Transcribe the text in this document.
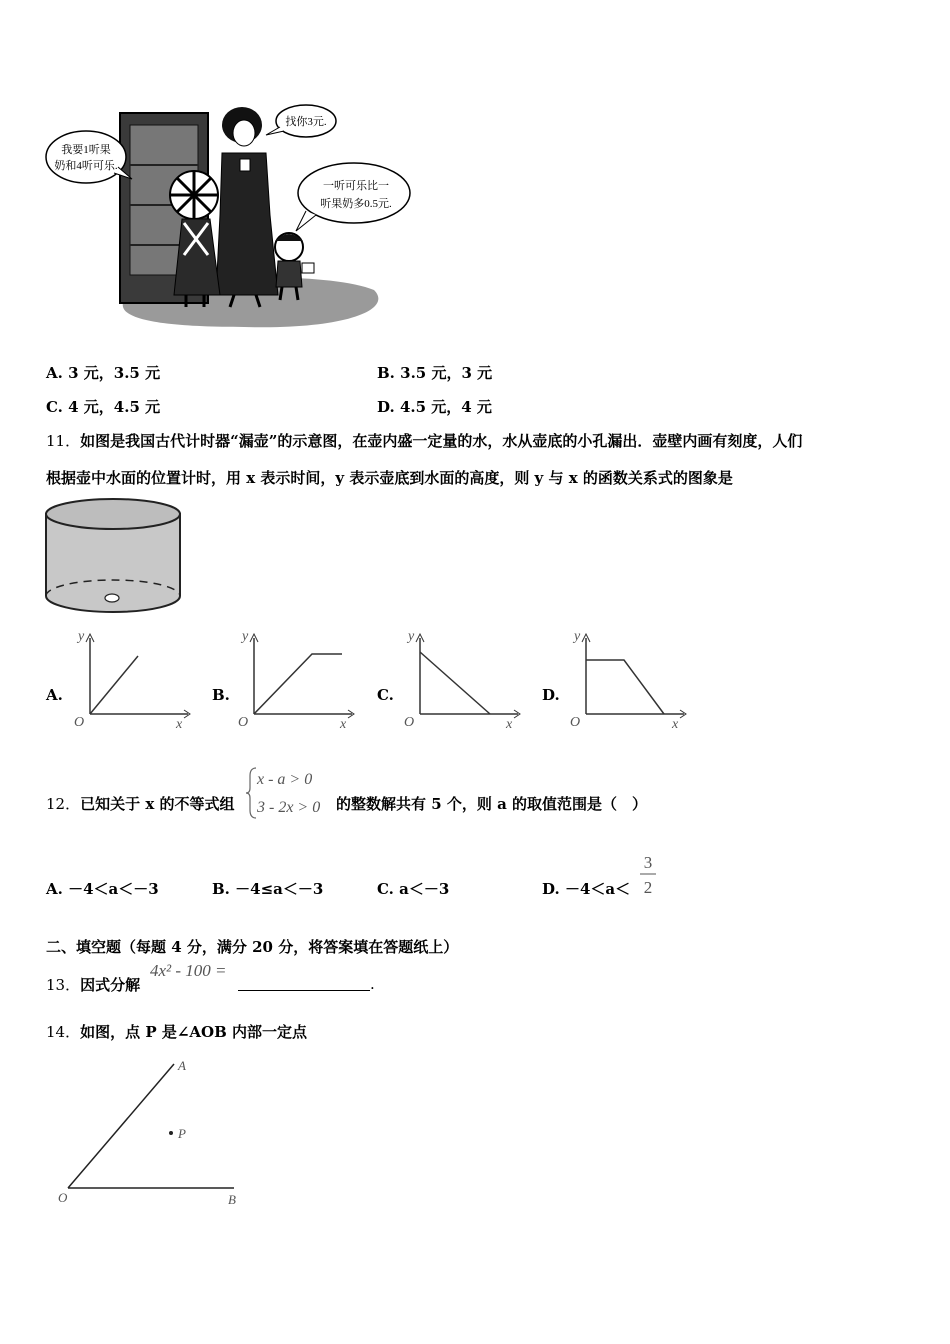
我要1听果
奶和4听可乐.
找你3元.
一听可乐比一
听果奶多0.5元.
A. 3 元，3.5 元	B. 3.5 元，3 元
C. 4 元，4.5 元	D. 4.5 元，4 元
11．如图是我国古代计时器“漏壶”的示意图，在壶内盛一定量的水，水从壶底的小孔漏出．壶壁内画有刻度，人们
根据壶中水面的位置计时，用 x 表示时间，y 表示壶底到水面的高度，则 y 与 x 的函数关系式的图象是
A.
y
x
O
B.
y
x
O
C.
y
x
O
D.
y
x
O
12．已知关于 x 的不等式组
x - a > 0
3 - 2x > 0 的整数解共有 5 个，则 a 的取值范围是（　）
A. －4＜a＜－3	B. －4≤a＜－3	C. a＜－3	D. －4＜a＜
3
2
二、填空题（每题 4 分，满分 20 分，将答案填在答题纸上）
13．因式分解
4x² - 100 =
.
14．如图，点 P 是∠AOB 内部一定点
A
B
O
P
